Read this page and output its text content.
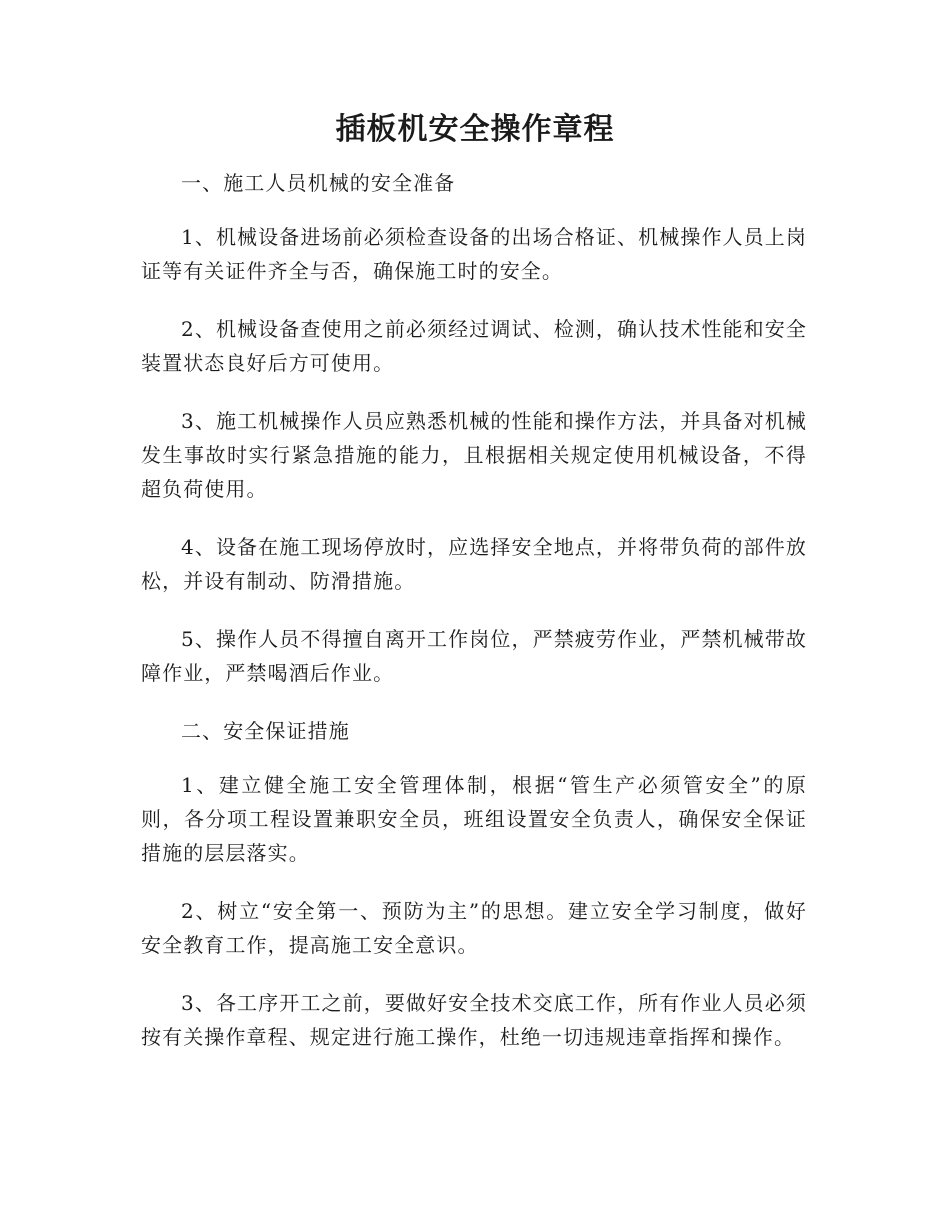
插板机安全操作章程

一、施工人员机械的安全准备

1、机械设备进场前必须检查设备的出场合格证、机械操作人员上岗证等有关证件齐全与否，确保施工时的安全。

2、机械设备查使用之前必须经过调试、检测，确认技术性能和安全装置状态良好后方可使用。

3、施工机械操作人员应熟悉机械的性能和操作方法，并具备对机械发生事故时实行紧急措施的能力，且根据相关规定使用机械设备，不得超负荷使用。

4、设备在施工现场停放时，应选择安全地点，并将带负荷的部件放松，并设有制动、防滑措施。

5、操作人员不得擅自离开工作岗位，严禁疲劳作业，严禁机械带故障作业，严禁喝酒后作业。

二、安全保证措施

1、建立健全施工安全管理体制，根据“管生产必须管安全”的原则，各分项工程设置兼职安全员，班组设置安全负责人，确保安全保证措施的层层落实。

2、树立“安全第一、预防为主”的思想。建立安全学习制度，做好安全教育工作，提高施工安全意识。

3、各工序开工之前，要做好安全技术交底工作，所有作业人员必须按有关操作章程、规定进行施工操作，杜绝一切违规违章指挥和操作。
